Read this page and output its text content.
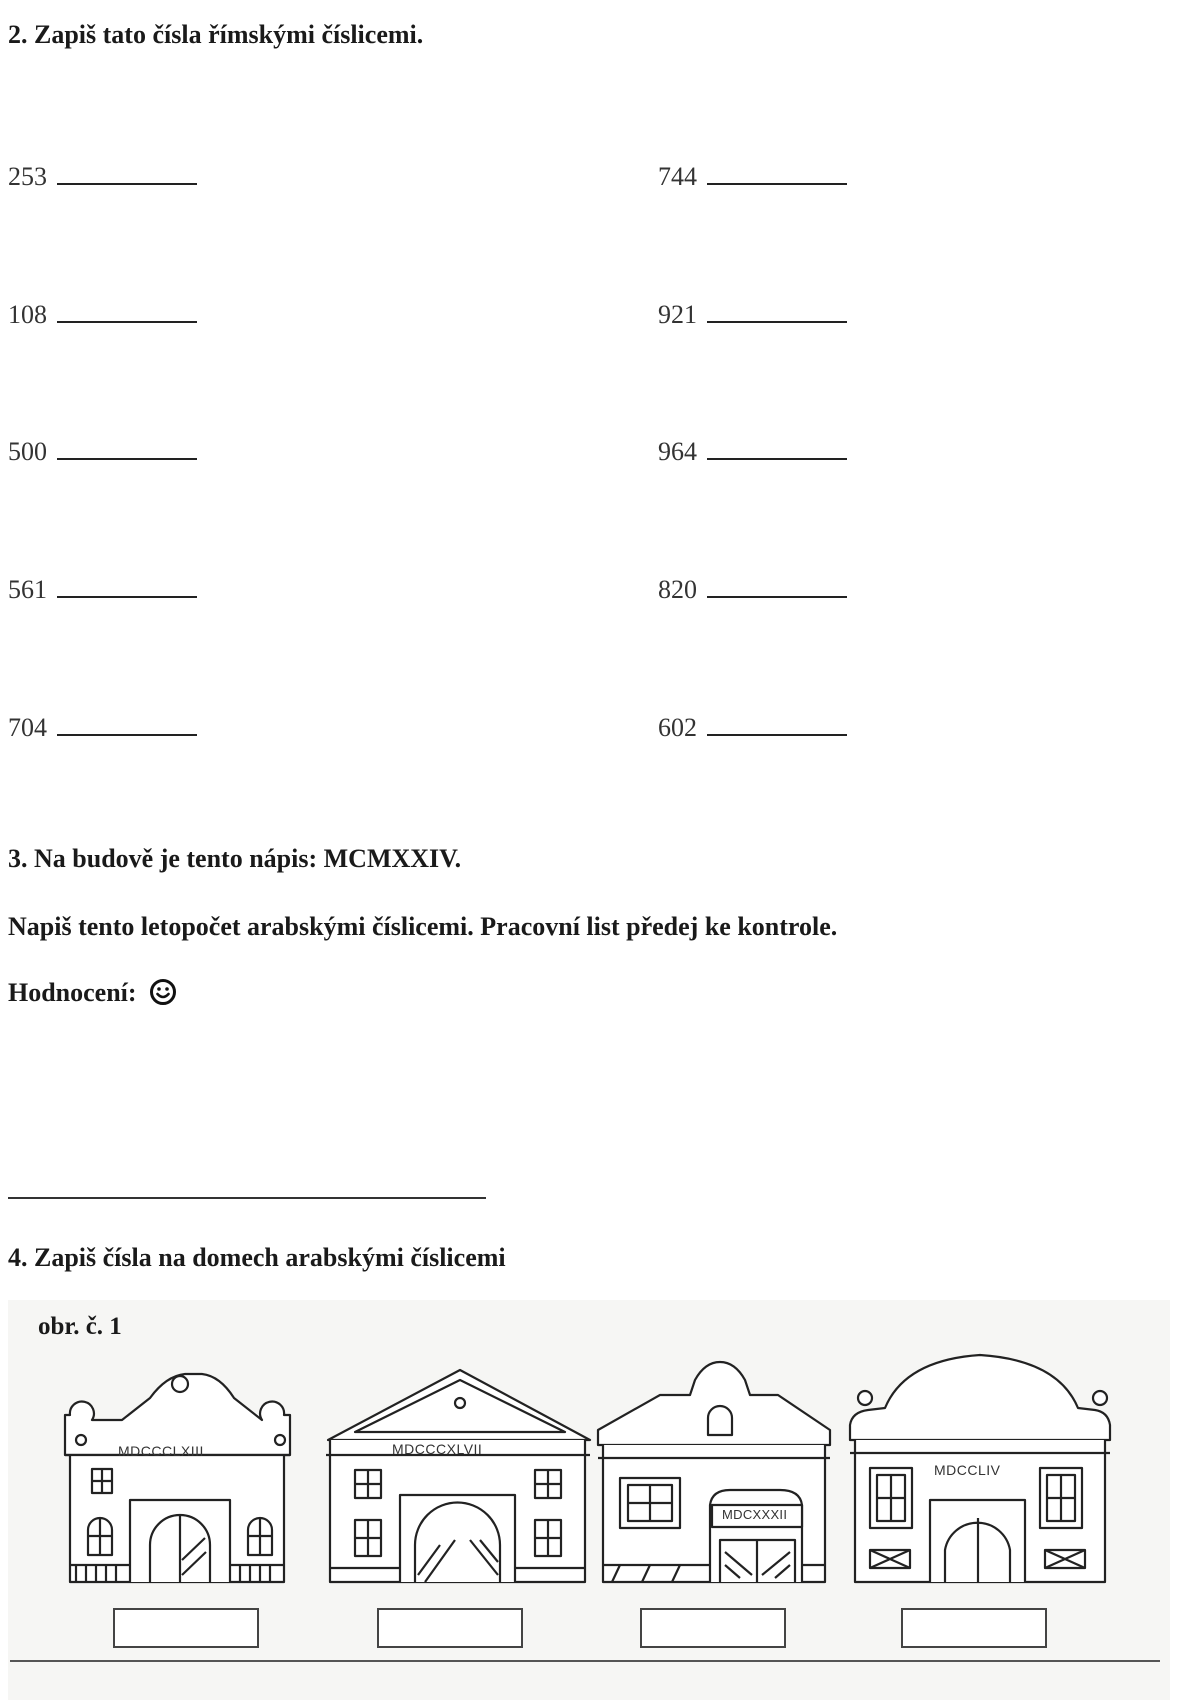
2. Zapiš tato čísla římskými číslicemi.
253
108
500
561
704
744
921
964
820
602
3. Na budově je tento nápis: MCMXXIV.
Napiš tento letopočet arabskými číslicemi. Pracovní list předej ke kontrole.
Hodnocení:
4. Zapiš čísla na domech arabskými číslicemi
obr. č. 1
MDCCCLXIII	MDCCCXLVII
MDCXXXII
MDCCLIV
